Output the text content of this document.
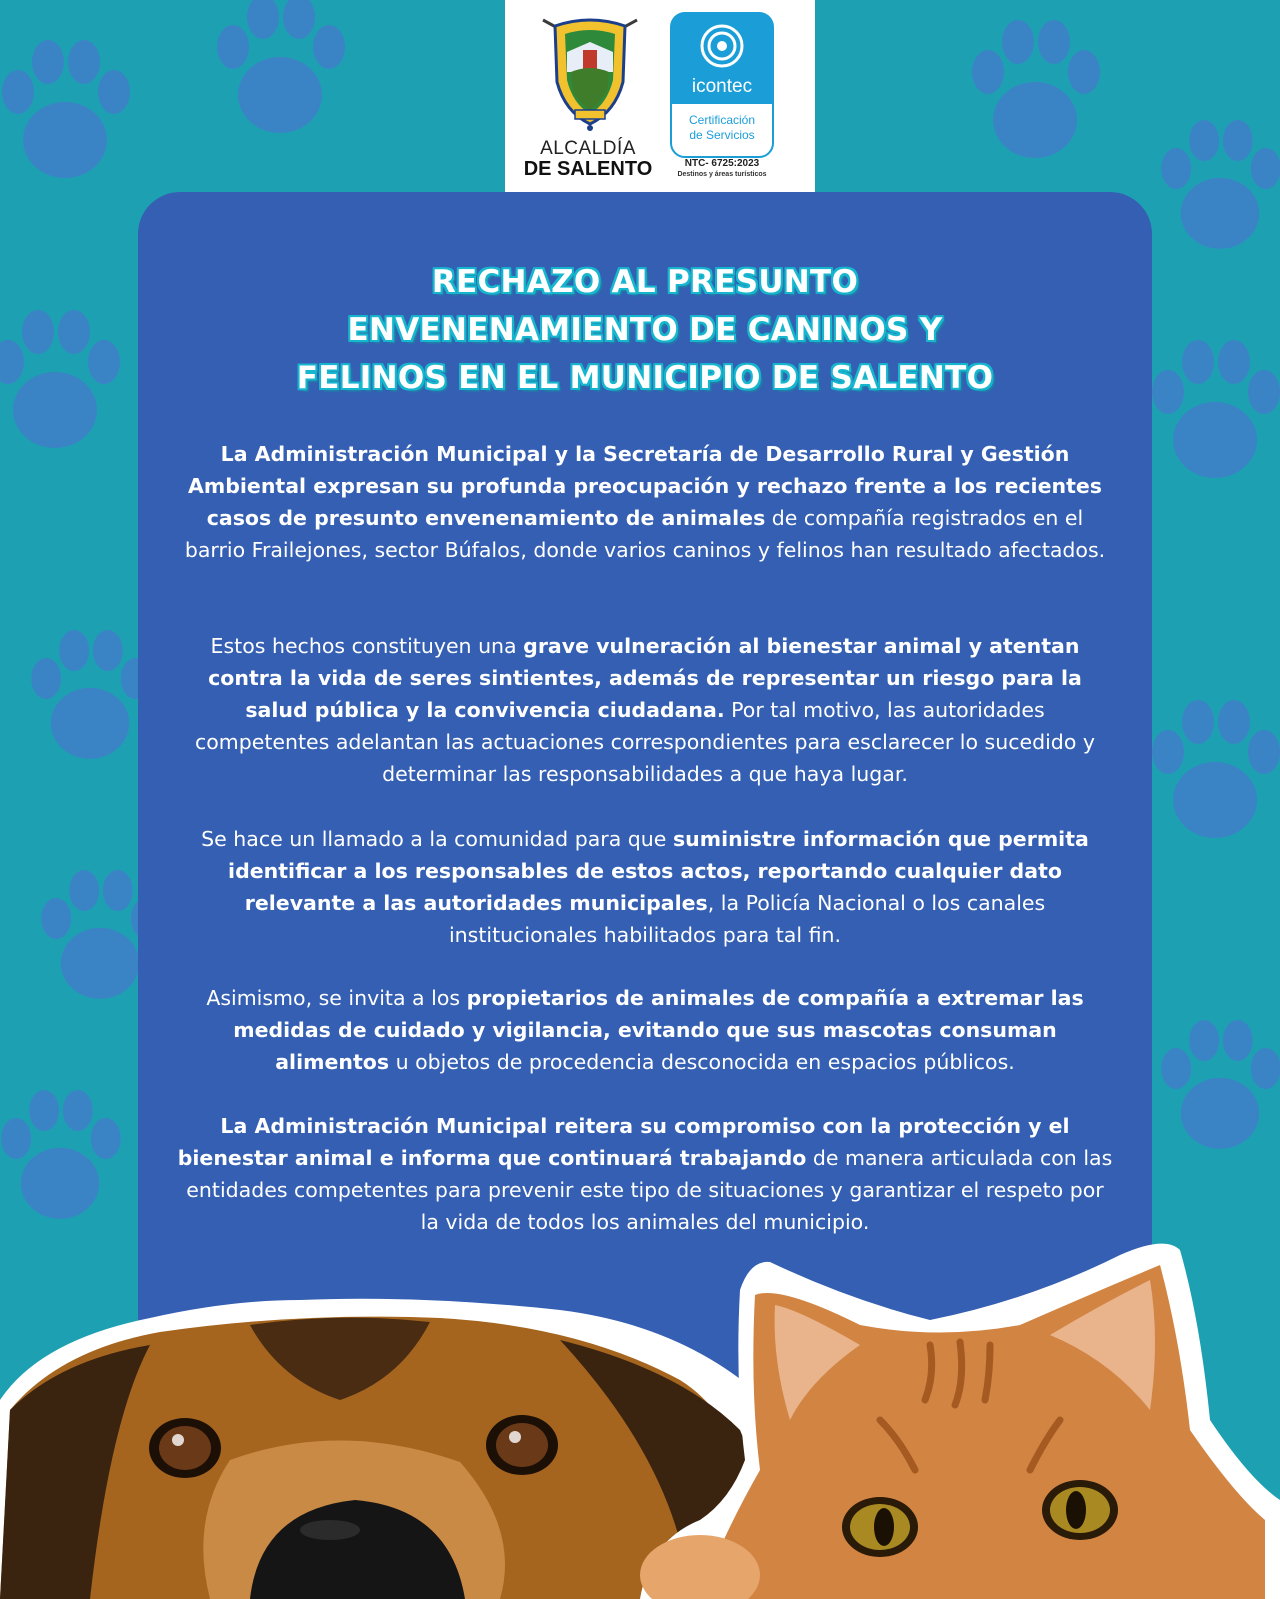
ALCALDÍA
DE SALENTO
icontec
Certificación
de Servicios
NTC- 6725:2023
Destinos y áreas turísticos
RECHAZO AL PRESUNTO
ENVENENAMIENTO DE CANINOS Y
FELINOS EN EL MUNICIPIO DE SALENTO

La Administración Municipal y la Secretaría de Desarrollo Rural y Gestión Ambiental expresan su profunda preocupación y rechazo frente a los recientes casos de presunto envenenamiento de animales de compañía registrados en el barrio Frailejones, sector Búfalos, donde varios caninos y felinos han resultado afectados.

Estos hechos constituyen una grave vulneración al bienestar animal y atentan contra la vida de seres sintientes, además de representar un riesgo para la salud pública y la convivencia ciudadana. Por tal motivo, las autoridades competentes adelantan las actuaciones correspondientes para esclarecer lo sucedido y determinar las responsabilidades a que haya lugar.

Se hace un llamado a la comunidad para que suministre información que permita identificar a los responsables de estos actos, reportando cualquier dato relevante a las autoridades municipales, la Policía Nacional o los canales institucionales habilitados para tal fin.

Asimismo, se invita a los propietarios de animales de compañía a extremar las medidas de cuidado y vigilancia, evitando que sus mascotas consuman alimentos u objetos de procedencia desconocida en espacios públicos.

La Administración Municipal reitera su compromiso con la protección y el bienestar animal e informa que continuará trabajando de manera articulada con las entidades competentes para prevenir este tipo de situaciones y garantizar el respeto por la vida de todos los animales del municipio.
